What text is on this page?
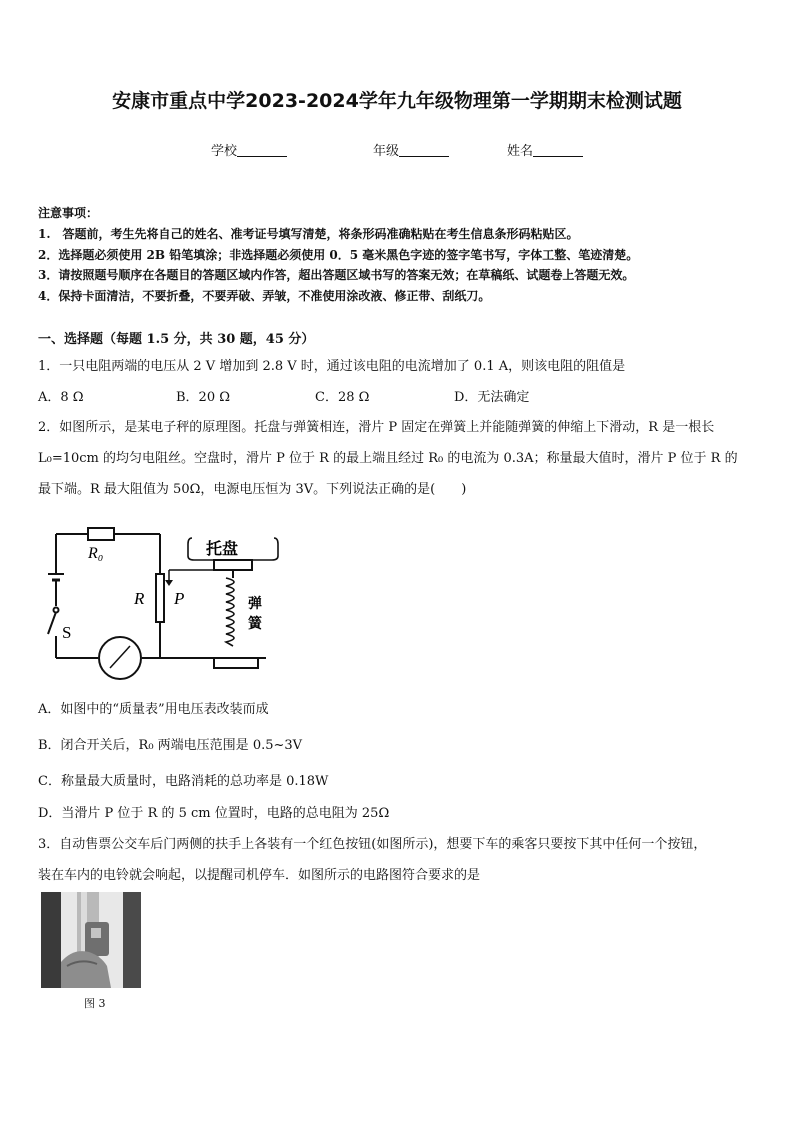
安康市重点中学2023-2024学年九年级物理第一学期期末检测试题
学校	年级	姓名
注意事项：
1.　答题前，考生先将自己的姓名、准考证号填写清楚，将条形码准确粘贴在考生信息条形码粘贴区。
2．选择题必须使用 2B 铅笔填涂；非选择题必须使用 0．5 毫米黑色字迹的签字笔书写，字体工整、笔迹清楚。
3．请按照题号顺序在各题目的答题区域内作答，超出答题区域书写的答案无效；在草稿纸、试题卷上答题无效。
4．保持卡面清洁，不要折叠，不要弄破、弄皱，不准使用涂改液、修正带、刮纸刀。
一、选择题（每题 1.5 分，共 30 题，45 分）
1．一只电阻两端的电压从 2 V 增加到 2.8 V 时，通过该电阻的电流增加了 0.1 A，则该电阻的阻值是
A．8 Ω	B．20 Ω	C．28 Ω	D．无法确定
2．如图所示，是某电子秤的原理图。托盘与弹簧相连，滑片 P 固定在弹簧上并能随弹簧的伸缩上下滑动，R 是一根长
L₀=10cm 的均匀电阻丝。空盘时，滑片 P 位于 R 的最上端且经过 R₀ 的电流为 0.3A；称量最大值时，滑片 P 位于 R 的
最下端。R 最大阻值为 50Ω，电源电压恒为 3V。下列说法正确的是(　　)
R₀
R P
S
托盘
弹
簧
A．如图中的“质量表”用电压表改装而成
B．闭合开关后，R₀ 两端电压范围是 0.5~3V
C．称量最大质量时，电路消耗的总功率是 0.18W
D．当滑片 P 位于 R 的 5 cm 位置时，电路的总电阻为 25Ω
3．自动售票公交车后门两侧的扶手上各装有一个红色按钮(如图所示)，想要下车的乘客只要按下其中任何一个按钮，
装在车内的电铃就会响起，以提醒司机停车．如图所示的电路图符合要求的是
图 3
